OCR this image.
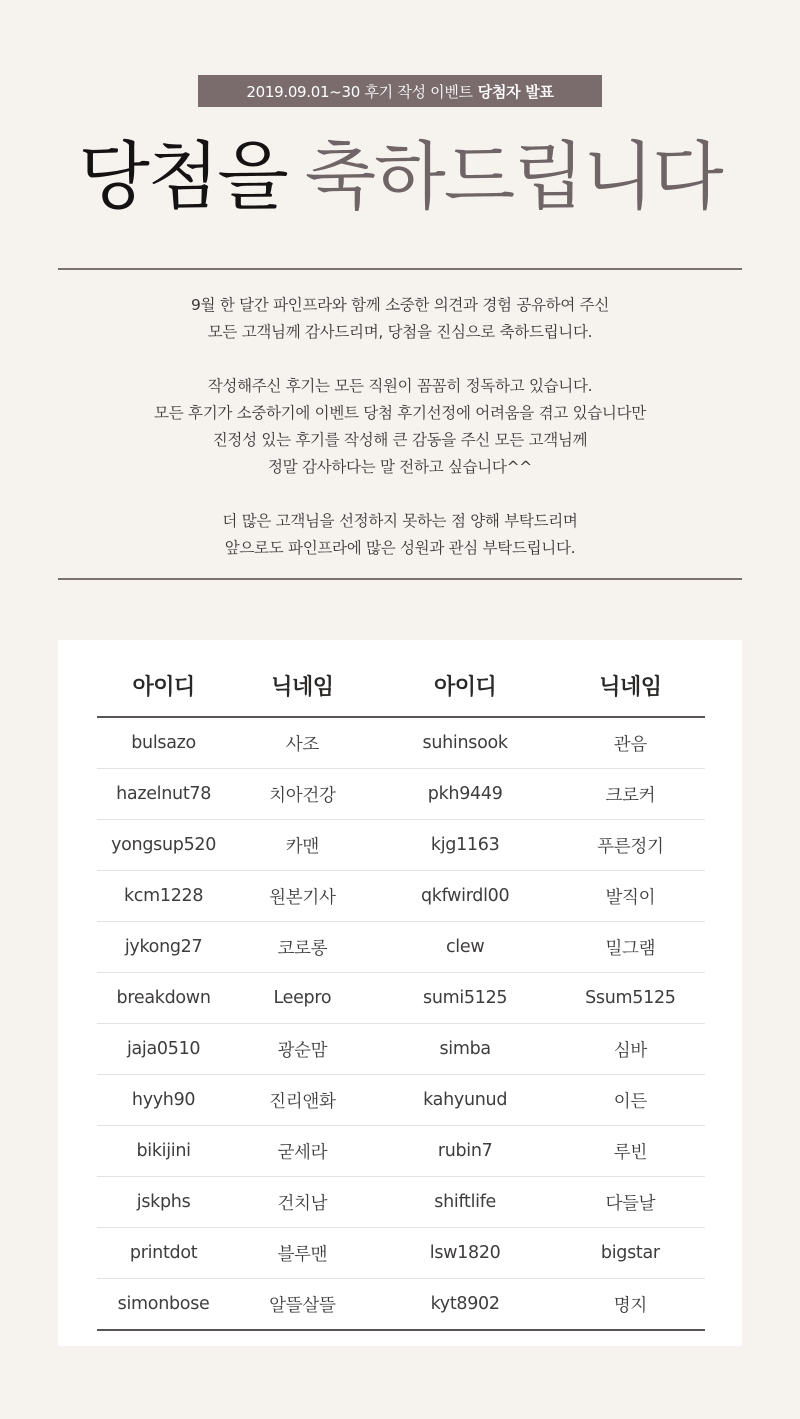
2019.09.01~30 후기 작성 이벤트 당첨자 발표
당첨을 축하드립니다

9월 한 달간 파인프라와 함께 소중한 의견과 경험 공유하여 주신
모든 고객님께 감사드리며, 당첨을 진심으로 축하드립니다.

작성해주신 후기는 모든 직원이 꼼꼼히 정독하고 있습니다.
모든 후기가 소중하기에 이벤트 당첨 후기선정에 어려움을 겪고 있습니다만
진정성 있는 후기를 작성해 큰 감동을 주신 모든 고객님께
정말 감사하다는 말 전하고 싶습니다^^

더 많은 고객님을 선정하지 못하는 점 양해 부탁드리며
앞으로도 파인프라에 많은 성원과 관심 부탁드립니다.

아이디	닉네임	아이디	닉네임
bulsazo	사조	suhinsook	관음
hazelnut78	치아건강	pkh9449	크로커
yongsup520	카맨	kjg1163	푸른정기
kcm1228	원본기사	qkfwirdl00	발직이
jykong27	코로롱	clew	밀그램
breakdown	Leepro	sumi5125	Ssum5125
jaja0510	광순맘	simba	심바
hyyh90	진리앤화	kahyunud	이든
bikijini	굳세라	rubin7	루빈
jskphs	건치남	shiftlife	다들날
printdot	블루맨	lsw1820	bigstar
simonbose	알뜰살뜰	kyt8902	명지
